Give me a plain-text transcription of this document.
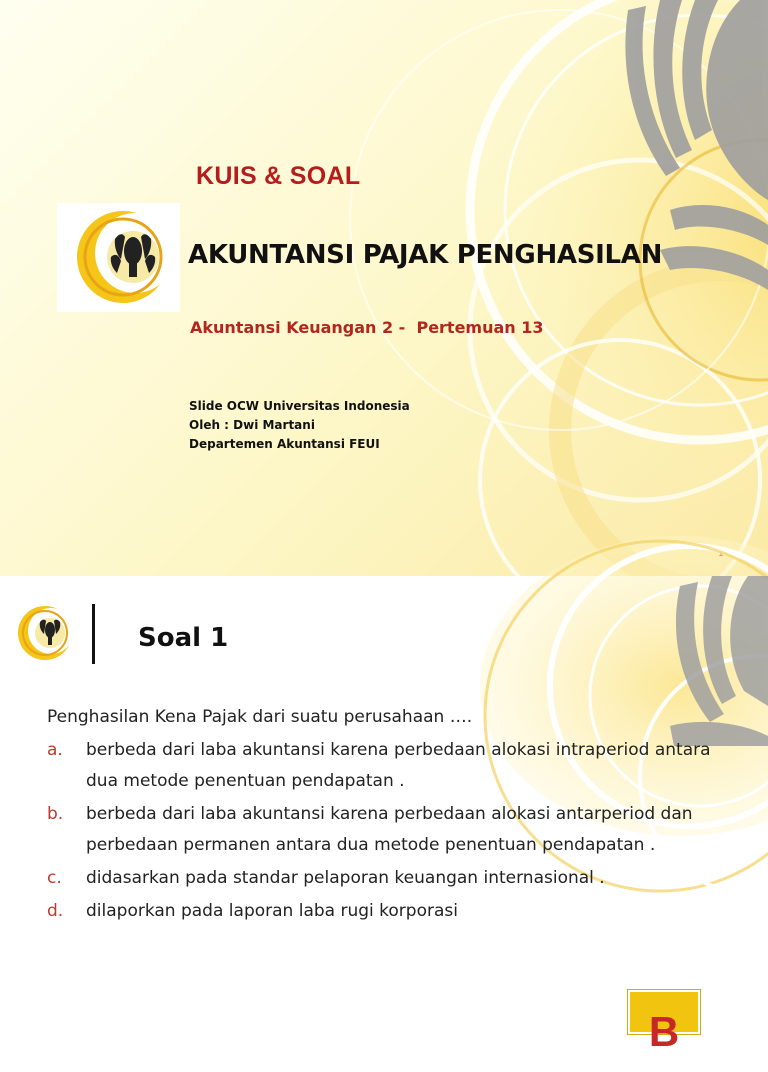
KUIS & SOAL
AKUNTANSI PAJAK PENGHASILAN

Akuntansi Keuangan 2 -  Pertemuan 13

Slide OCW Universitas Indonesia
Oleh : Dwi Martani
Departemen Akuntansi FEUI
Soal 1

Penghasilan Kena Pajak dari suatu perusahaan ….

a.	berbeda dari laba akuntansi karena perbedaan alokasi intraperiod antara dua metode penentuan pendapatan .
b.	berbeda dari laba akuntansi karena perbedaan alokasi antarperiod dan perbedaan permanen antara dua metode penentuan pendapatan .
c.	didasarkan pada standar pelaporan keuangan internasional .
d.	dilaporkan pada laporan laba rugi korporasi
B
